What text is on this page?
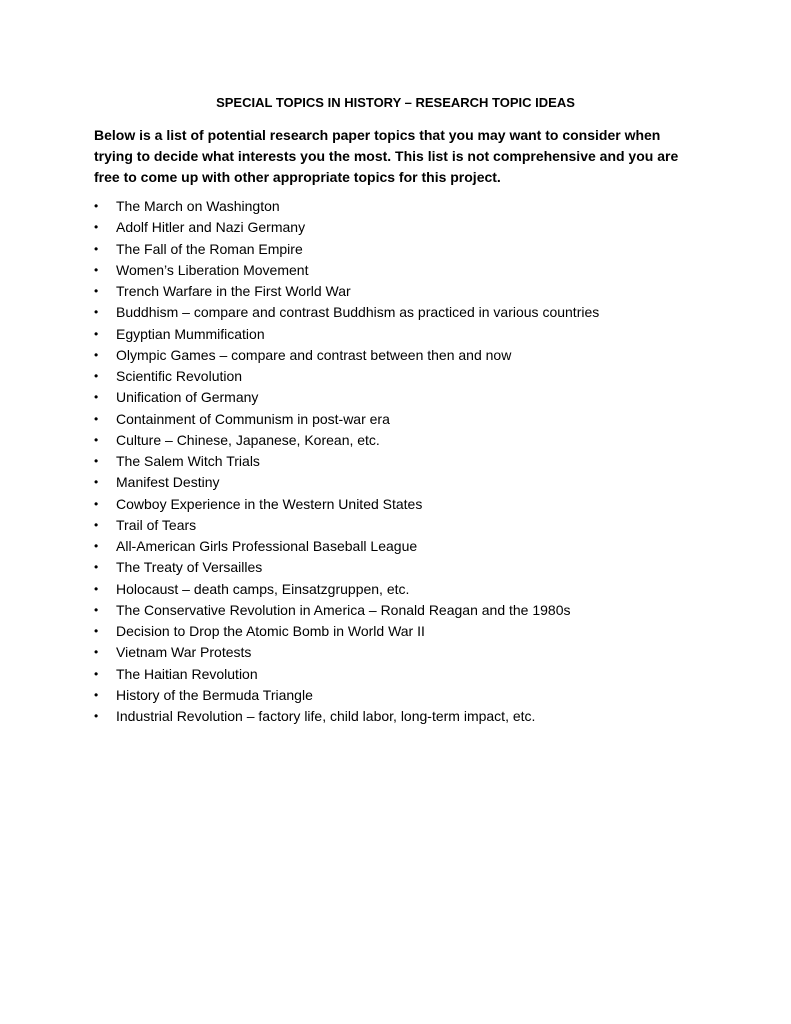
SPECIAL TOPICS IN HISTORY – RESEARCH TOPIC IDEAS
Below is a list of potential research paper topics that you may want to consider when trying to decide what interests you the most. This list is not comprehensive and you are free to come up with other appropriate topics for this project.
•	The March on Washington
•	Adolf Hitler and Nazi Germany
•	The Fall of the Roman Empire
•	Women’s Liberation Movement
•	Trench Warfare in the First World War
•	Buddhism – compare and contrast Buddhism as practiced in various countries
•	Egyptian Mummification
•	Olympic Games – compare and contrast between then and now
•	Scientific Revolution
•	Unification of Germany
•	Containment of Communism in post-war era
•	Culture – Chinese, Japanese, Korean, etc.
•	The Salem Witch Trials
•	Manifest Destiny
•	Cowboy Experience in the Western United States
•	Trail of Tears
•	All-American Girls Professional Baseball League
•	The Treaty of Versailles
•	Holocaust – death camps, Einsatzgruppen, etc.
•	The Conservative Revolution in America – Ronald Reagan and the 1980s
•	Decision to Drop the Atomic Bomb in World War II
•	Vietnam War Protests
•	The Haitian Revolution
•	History of the Bermuda Triangle
•	Industrial Revolution – factory life, child labor, long-term impact, etc.
